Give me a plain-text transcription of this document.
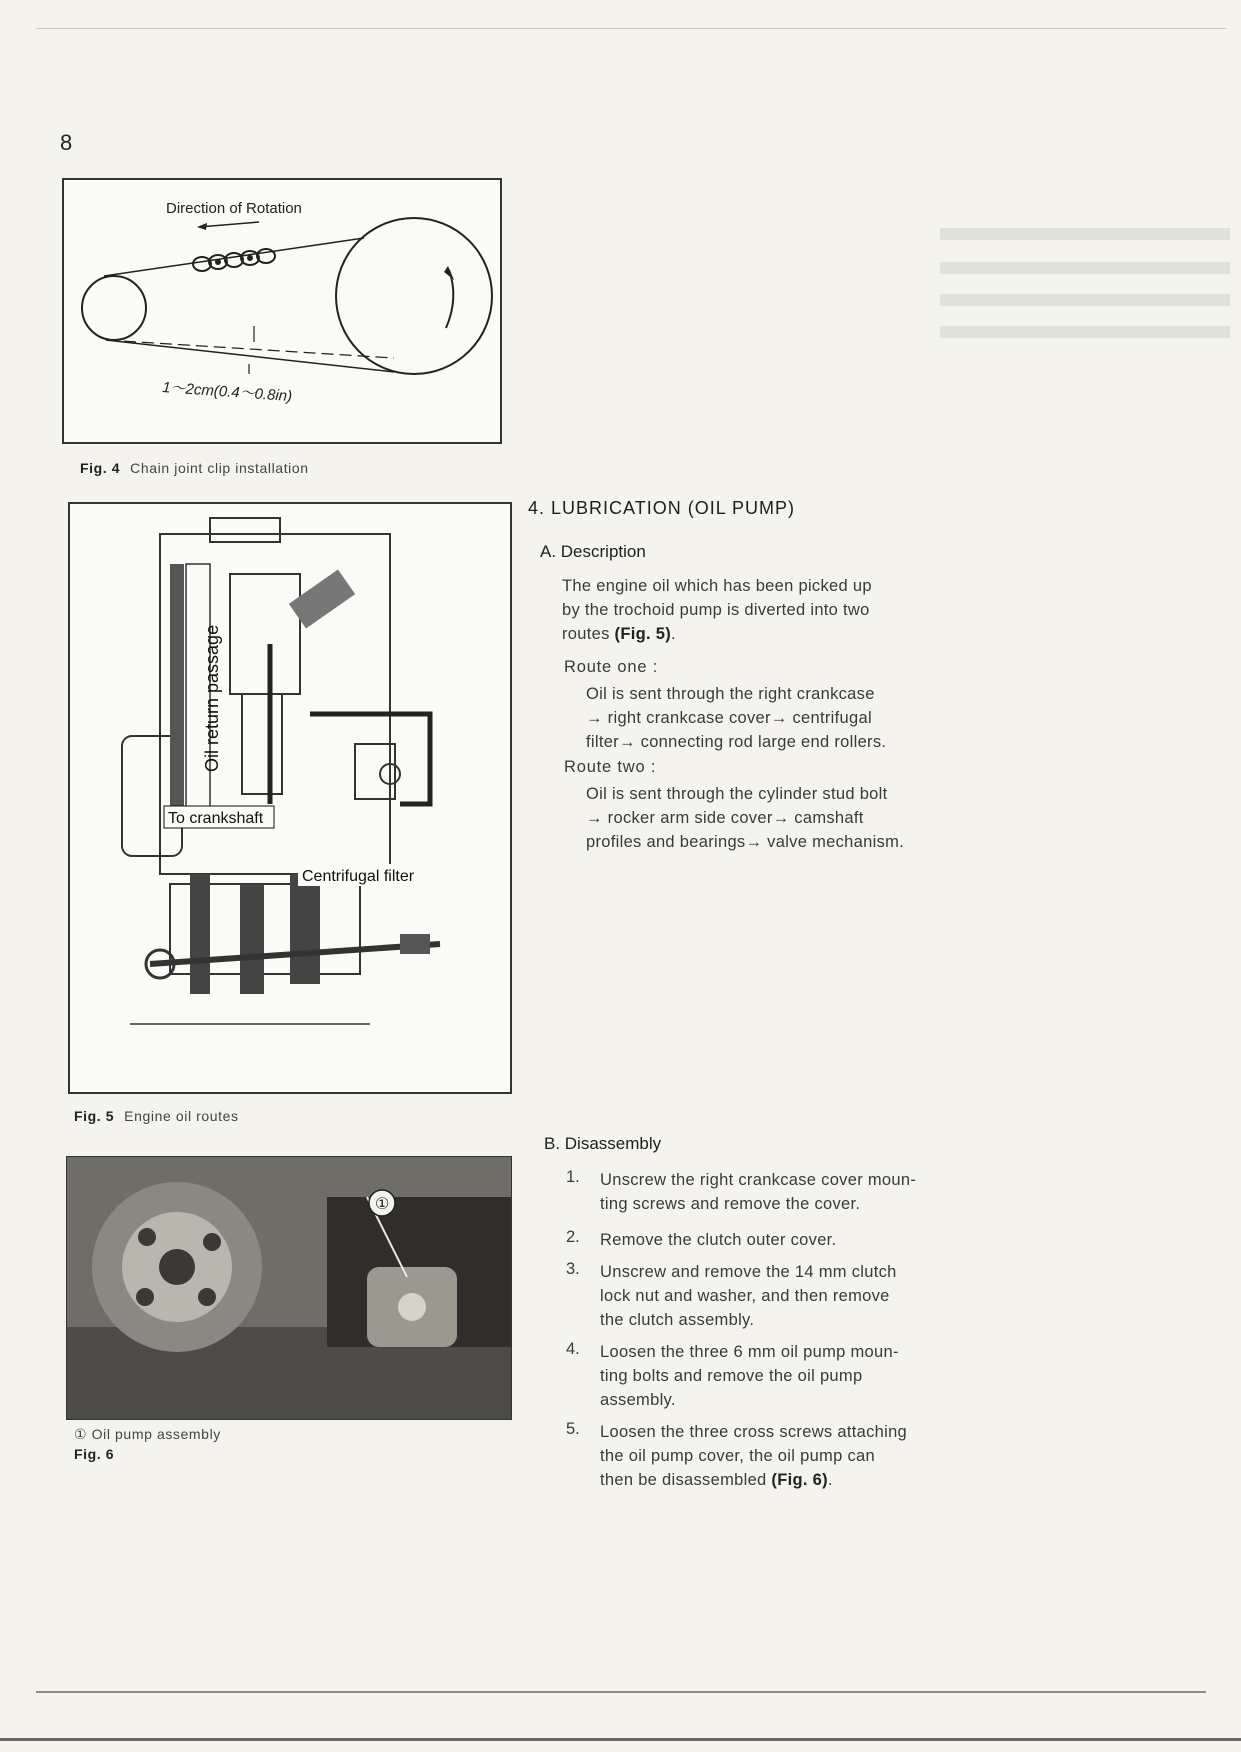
8
Direction of Rotation
1～2cm(0.4～0.8in)
Fig. 4 Chain joint clip installation
Oil return passage
To crankshaft
Centrifugal filter
Fig. 5 Engine oil routes
①
① Oil pump assembly
Fig. 6
4. LUBRICATION (OIL PUMP)
A. Description
The engine oil which has been picked up
by the trochoid pump is diverted into two
routes (Fig. 5).
Route one :
Oil is sent through the right crankcase
→ right crankcase cover→ centrifugal
filter→ connecting rod large end rollers.
Route two :
Oil is sent through the cylinder stud bolt
→ rocker arm side cover→ camshaft
profiles and bearings→ valve mechanism.
B. Disassembly
1. Unscrew the right crankcase cover moun-
ting screws and remove the cover.
2. Remove the clutch outer cover.
3. Unscrew and remove the 14 mm clutch
lock nut and washer, and then remove
the clutch assembly.
4. Loosen the three 6 mm oil pump moun-
ting bolts and remove the oil pump
assembly.
5. Loosen the three cross screws attaching
the oil pump cover, the oil pump can
then be disassembled (Fig. 6).
